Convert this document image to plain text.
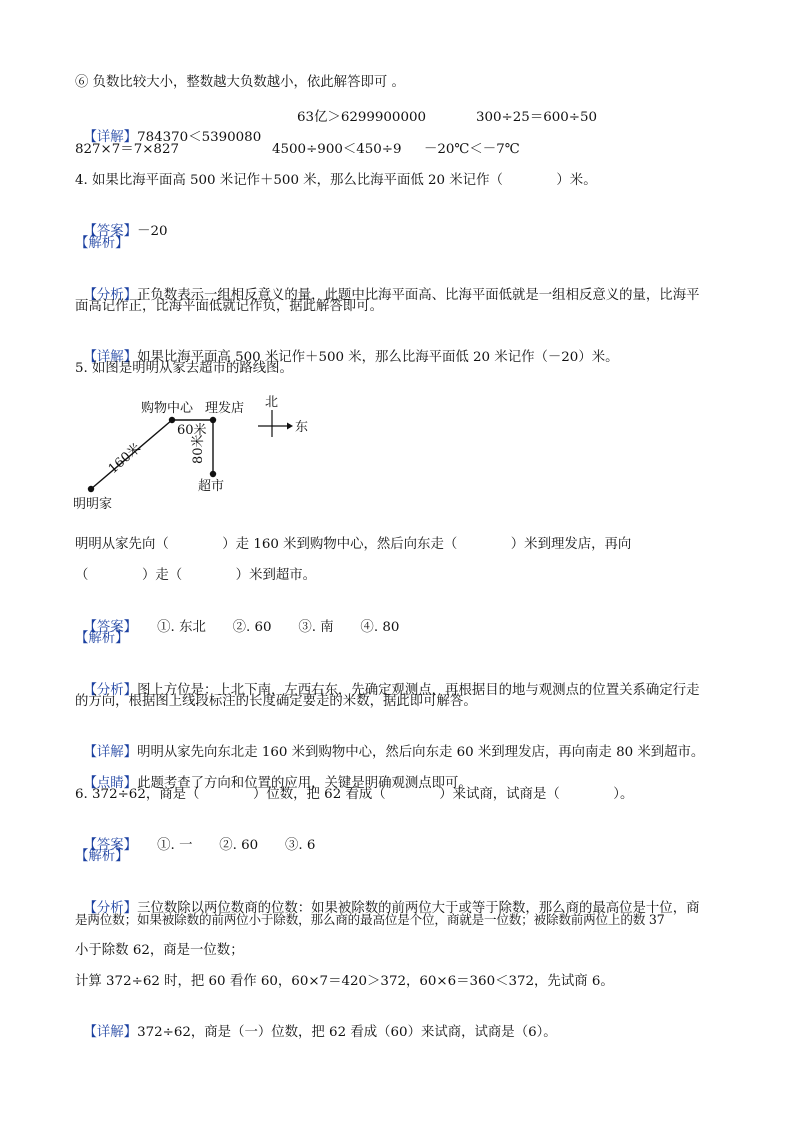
⑥ 负数比较大小，整数越大负数越小，依此解答即可 。

【详解】784370＜5390080

63亿＞6299900000	300÷25＝600÷50
827×7＝7×827	4500÷900＜450÷9 －20℃＜－7℃
4. 如果比海平面高 500 米记作＋500 米，那么比海平面低 20 米记作（　　　　）米。

【答案】－20

【解析】

【分析】正负数表示一组相反意义的量，此题中比海平面高、比海平面低就是一组相反意义的量，比海平

面高记作正，比海平面低就记作负，据此解答即可。

【详解】如果比海平面高 500 米记作＋500 米，那么比海平面低 20 米记作（－20）米。

5. 如图是明明从家去超市的路线图。
明明家
购物中心 理发店
超市
160米
60米
80米
北
东
明明从家先向（　　　　）走 160 米到购物中心，然后向东走（　　　　）米到理发店，再向
（　　　　）走（　　　　）米到超市。

【答案】　　 ①. 东北　　②. 60　　③. 南　　④. 80

【解析】

【分析】图上方位是：上北下南，左西右东，先确定观测点，再根据目的地与观测点的位置关系确定行走

的方向，根据图上线段标注的长度确定要走的米数，据此即可解答。

【详解】明明从家先向东北走 160 米到购物中心，然后向东走 60 米到理发店，再向南走 80 米到超市。

【点睛】此题考查了方向和位置的应用，关键是明确观测点即可。

6. 372÷62，商是（　　　　）位数，把 62 看成（　　　　）来试商，试商是（　　　　）。

【答案】　　 ①. 一　　②. 60　　③. 6

【解析】

【分析】三位数除以两位数商的位数：如果被除数的前两位大于或等于除数，那么商的最高位是十位，商

是两位数；如果被除数的前两位小于除数，那么商的最高位是个位，商就是一位数；被除数前两位上的数 37
小于除数 62，商是一位数；
计算 372÷62 时，把 60 看作 60，60×7＝420＞372，60×6＝360＜372，先试商 6。

【详解】372÷62，商是（一）位数，把 62 看成（60）来试商，试商是（6）。
